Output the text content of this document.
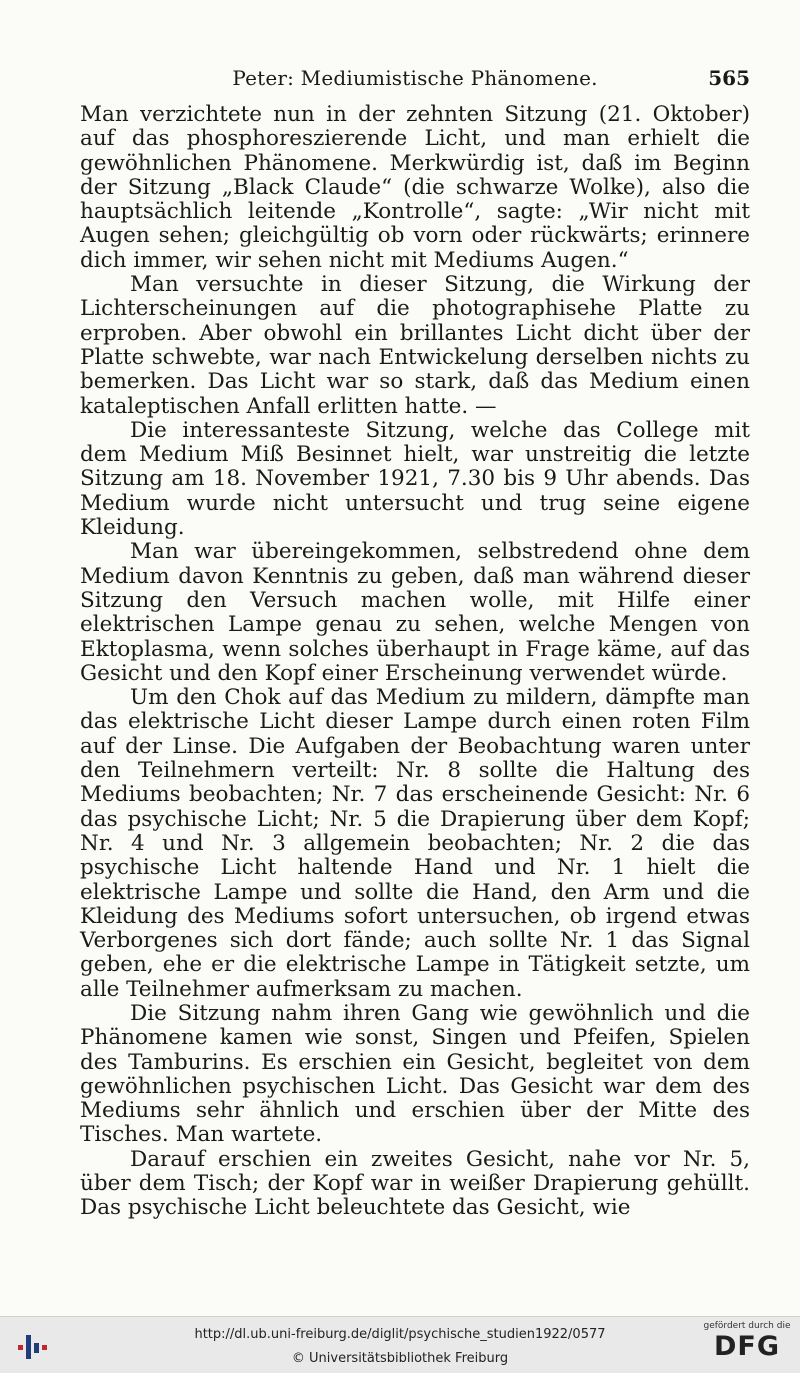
Peter: Mediumistische Phänomene.	565

Man verzichtete nun in der zehnten Sitzung (21. Oktober) auf das phosphoreszierende Licht, und man erhielt die gewöhnlichen Phänomene. Merkwürdig ist, daß im Beginn der Sitzung „Black Claude“ (die schwarze Wolke), also die hauptsächlich leitende „Kontrolle“, sagte: „Wir nicht mit Augen sehen; gleichgültig ob vorn oder rückwärts; erinnere dich immer, wir sehen nicht mit Mediums Augen.“

Man versuchte in dieser Sitzung, die Wirkung der Lichterscheinungen auf die photographisehe Platte zu erproben. Aber obwohl ein brillantes Licht dicht über der Platte schwebte, war nach Entwickelung derselben nichts zu bemerken. Das Licht war so stark, daß das Medium einen kataleptischen Anfall erlitten hatte. —

Die interessanteste Sitzung, welche das College mit dem Medium Miß Besinnet hielt, war unstreitig die letzte Sitzung am 18. November 1921, 7.30 bis 9 Uhr abends. Das Medium wurde nicht untersucht und trug seine eigene Kleidung.

Man war übereingekommen, selbstredend ohne dem Medium davon Kenntnis zu geben, daß man während dieser Sitzung den Versuch machen wolle, mit Hilfe einer elektrischen Lampe genau zu sehen, welche Mengen von Ektoplasma, wenn solches überhaupt in Frage käme, auf das Gesicht und den Kopf einer Erscheinung verwendet würde.

Um den Chok auf das Medium zu mildern, dämpfte man das elektrische Licht dieser Lampe durch einen roten Film auf der Linse. Die Aufgaben der Beobachtung waren unter den Teilnehmern verteilt: Nr. 8 sollte die Haltung des Mediums beobachten; Nr. 7 das erscheinende Gesicht: Nr. 6 das psychische Licht; Nr. 5 die Drapierung über dem Kopf; Nr. 4 und Nr. 3 allgemein beobachten; Nr. 2 die das psychische Licht haltende Hand und Nr. 1 hielt die elektrische Lampe und sollte die Hand, den Arm und die Kleidung des Mediums sofort untersuchen, ob irgend etwas Verborgenes sich dort fände; auch sollte Nr. 1 das Signal geben, ehe er die elektrische Lampe in Tätigkeit setzte, um alle Teilnehmer aufmerksam zu machen.

Die Sitzung nahm ihren Gang wie gewöhnlich und die Phänomene kamen wie sonst, Singen und Pfeifen, Spielen des Tamburins. Es erschien ein Gesicht, begleitet von dem gewöhnlichen psychischen Licht. Das Gesicht war dem des Mediums sehr ähnlich und erschien über der Mitte des Tisches. Man wartete.

Darauf erschien ein zweites Gesicht, nahe vor Nr. 5, über dem Tisch; der Kopf war in weißer Drapierung gehüllt. Das psychische Licht beleuchtete das Gesicht, wie

http://dl.ub.uni-freiburg.de/diglit/psychische_studien1922/0577
© Universitätsbibliothek Freiburg
gefördert durch die
DFG
